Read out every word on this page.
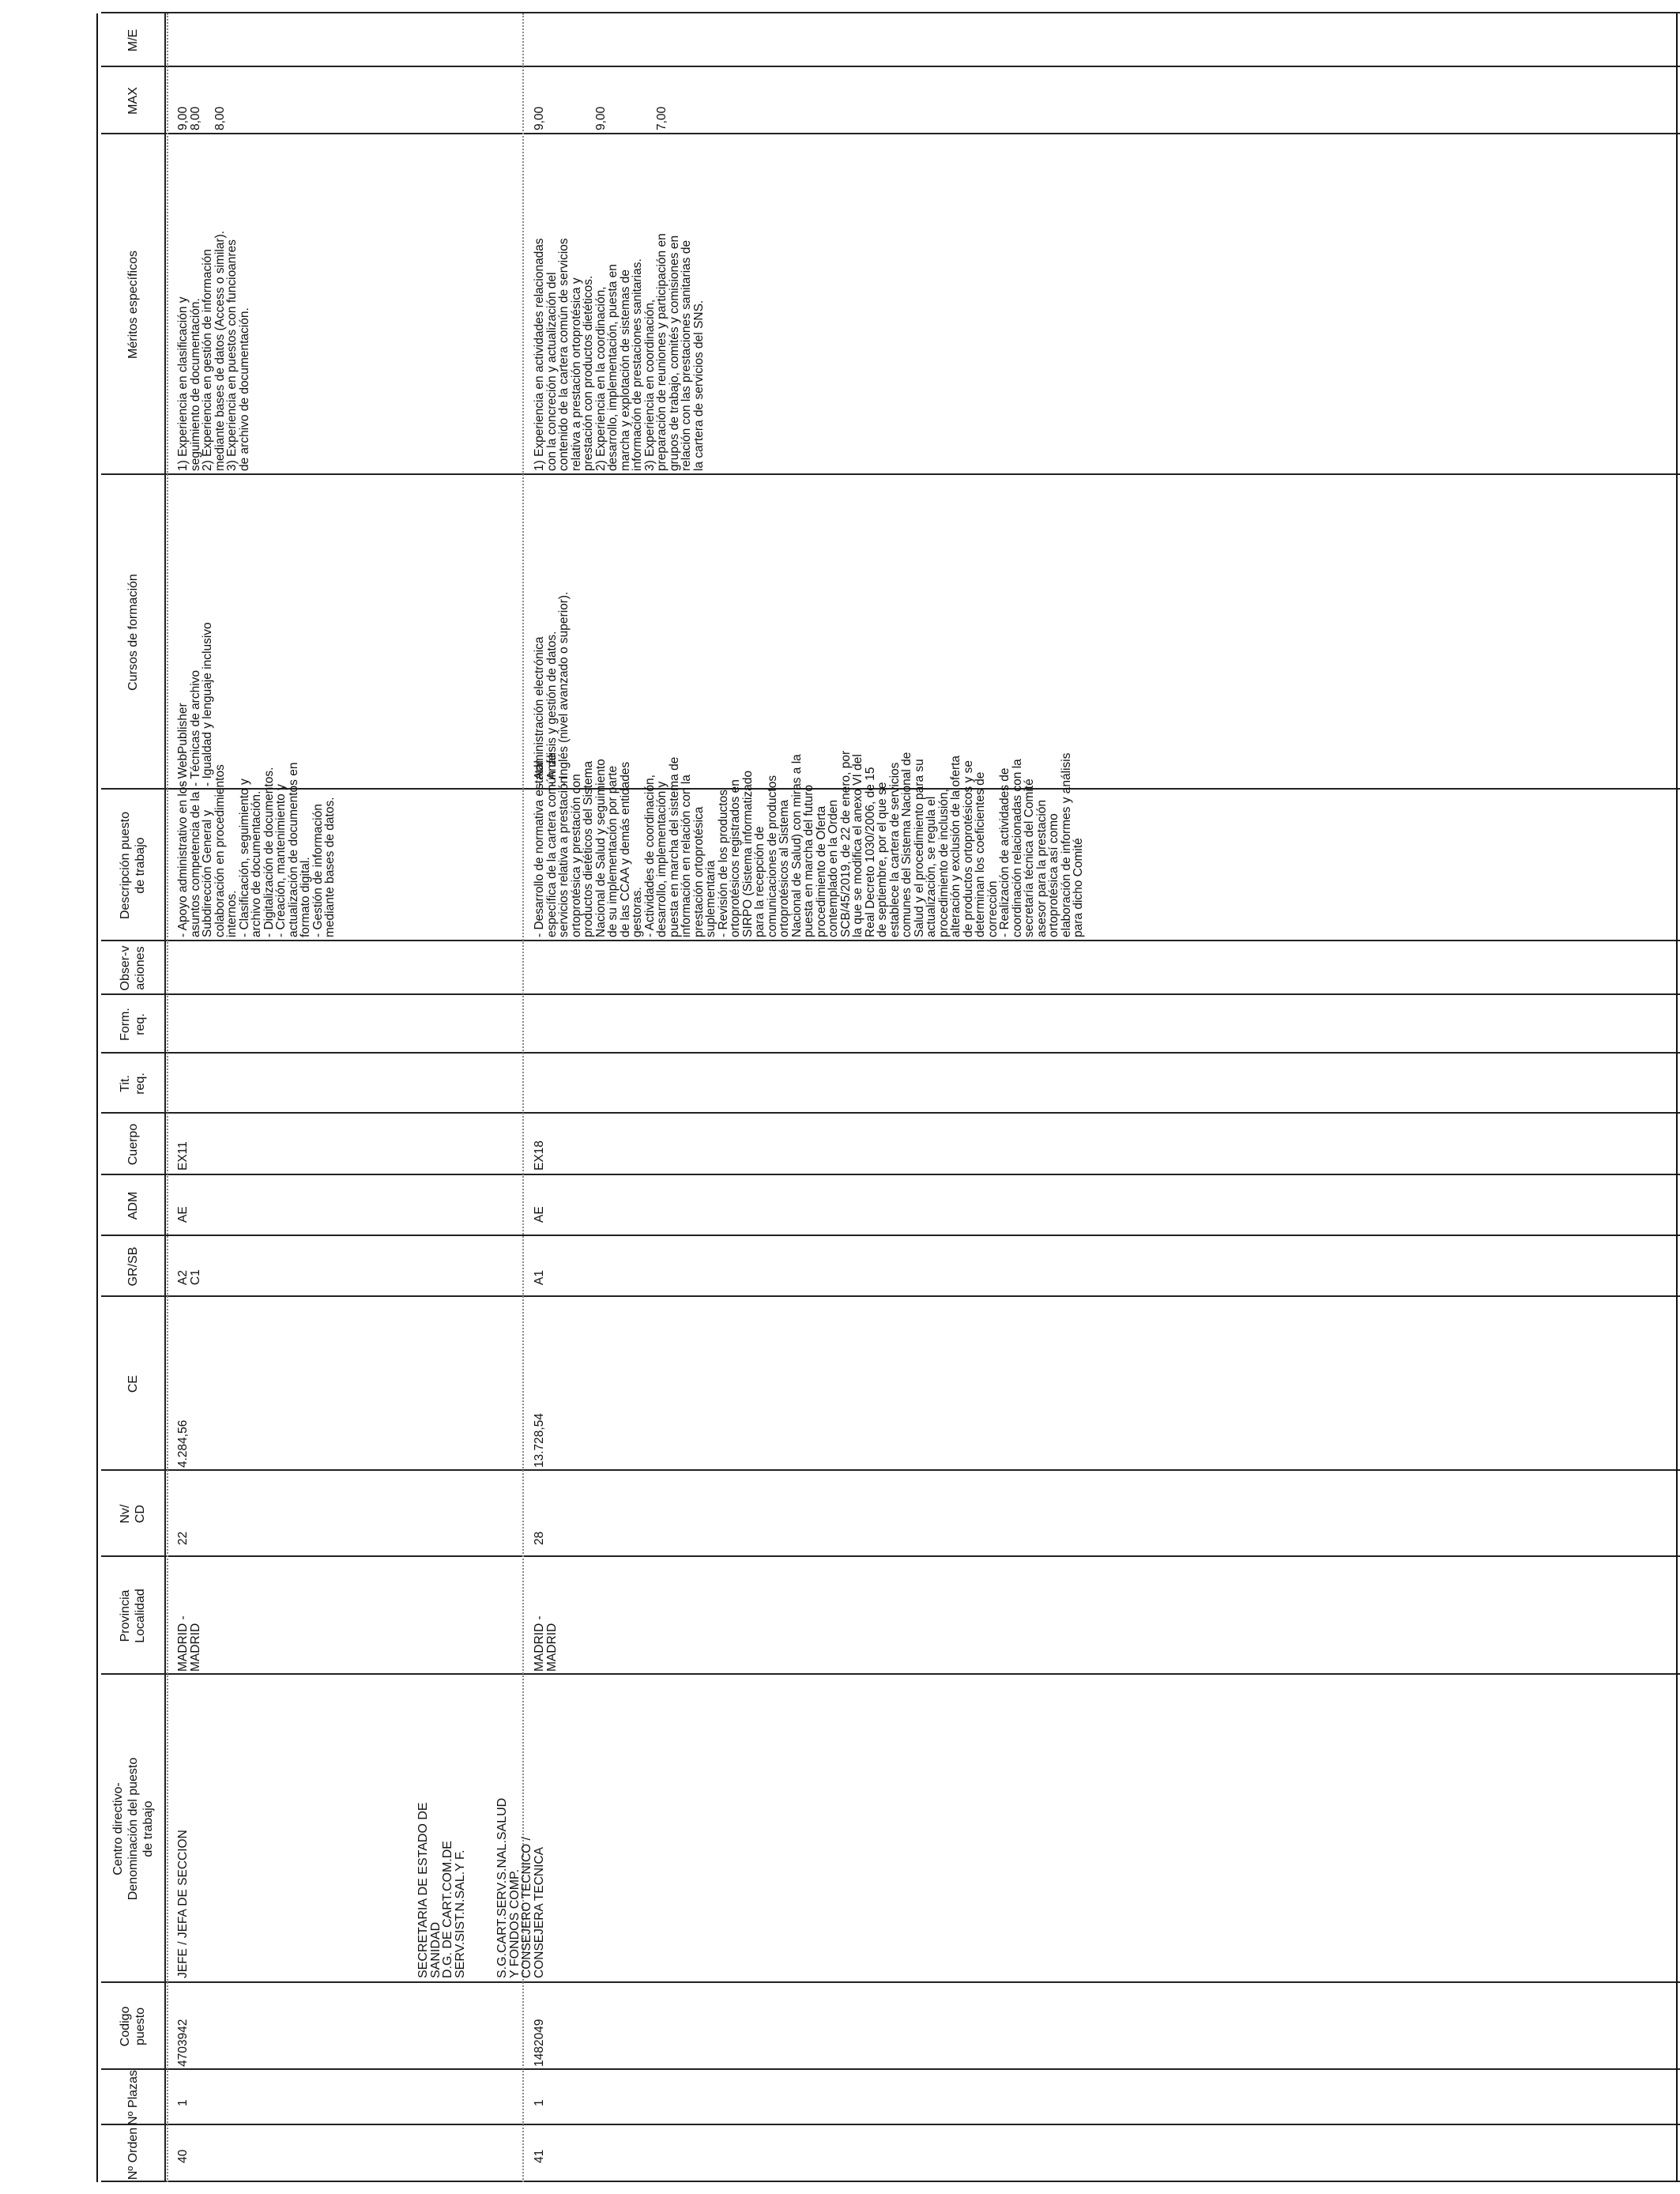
Nº Orden
Nº Plazas
Codigo puesto
Centro directivo-Denominación del puesto de trabajo
Provincia Localidad
Nv/ CD
CE
GR/SB
ADM
Cuerpo
Tit. req.
Form. req.
Obser-vaciones
Descripción puesto de trabajo
Cursos de formación
Méritos específicos
MAX
M/E
40
1
4703942
JEFE / JEFA DE SECCION
MADRID -
MADRID
22
4.284,56
A2
C1
AE
EX11
- Apoyo administrativo en los
asuntos competencia de la
Subdirección General y
colaboración en procedimientos
internos.
- Clasificación, seguimiento y
archivo de documentación.
- Digitalización de documentos.
- Creación, mantenimiento y
actualización de documentos en
formato digital.
- Gestión de información
mediante bases de datos.
- WebPublisher
- Técnicas de archivo
- Igualdad y lenguaje inclusivo
1) Experiencia en clasificación y
seguimiento de documentación.
2) Experiencia en gestión de información
mediante bases de datos (Access o similar).
3) Experiencia en puestos con funcioanres
de archivo de documentación.
9,00
8,00 8,00
SECRETARIA DE ESTADO DE
SANIDAD
D.G. DE CART.COM.DE
SERV.SIST.N.SAL.Y F.
41
1
1482049
S.G.CART.SERV.S.NAL.SALUD
Y FONDOS COMP.
CONSEJERO TECNICO /
CONSEJERA TECNICA
MADRID -
MADRID
28
13.728,54
A1
AE
EX18
- Desarrollo de normativa estatal
específica de la cartera común de
servicios relativa a prestación
ortoprotésica y prestación con
productos dietéticos del Sistema
Nacional de Salud y seguimiento
de su implementación por parte
de las CCAA y demás entidades
gestoras.
- Actividades de coordinación,
desarrollo, implementación y
puesta en marcha del sistema de
información en relación con la
prestación ortoprotésica
suplementaria
- Revisión de los productos
ortoprotésicos registrados en
SIRPO (Sistema informatizado
para la recepción de
comunicaciones de productos
ortoprotésicos al Sistema
Nacional de Salud) con miras a la
puesta en marcha del futuro
procedimiento de Oferta
contemplado en la Orden
SCB/45/2019, de 22 de enero, por
la que se modifica el anexo VI del
Real Decreto 1030/2006, de 15
de septiembre, por el que se
establece la cartera de servicios
comunes del Sistema Nacional de
Salud y el procedimiento para su
actualización, se regula el
procedimiento de inclusión,
alteración y exclusión de la oferta
de productos ortoprotésicos y se
determinan los coeficientes de
corrección
- Realización de actividades de
coordinación relacionadas con la
secretaría técnica del Comité
asesor para la prestación
ortoprotésica así como
elaboración de informes y análisis
para dicho Comité
- Administración electrónica
- Análisis y gestión de datos.
- Inglés (nivel avanzado o superior).
1) Experiencia en actividades relacionadas
con la concreción y actualización del
contenido de la cartera común de servicios
relativa a prestación ortoprotésica y
prestación con productos dietéticos.
2) Experiencia en la coordinación,
desarrollo, implementación, puesta en
marcha y explotación de sistemas de
información de prestaciones sanitarias.
3) Experiencia en coordinación,
preparación de reuniones y participación en
grupos de trabajo, comités y comisiones en
relación con las prestaciones sanitarias de
la cartera de servicios del SNS.
9,00	9,00	7,00
